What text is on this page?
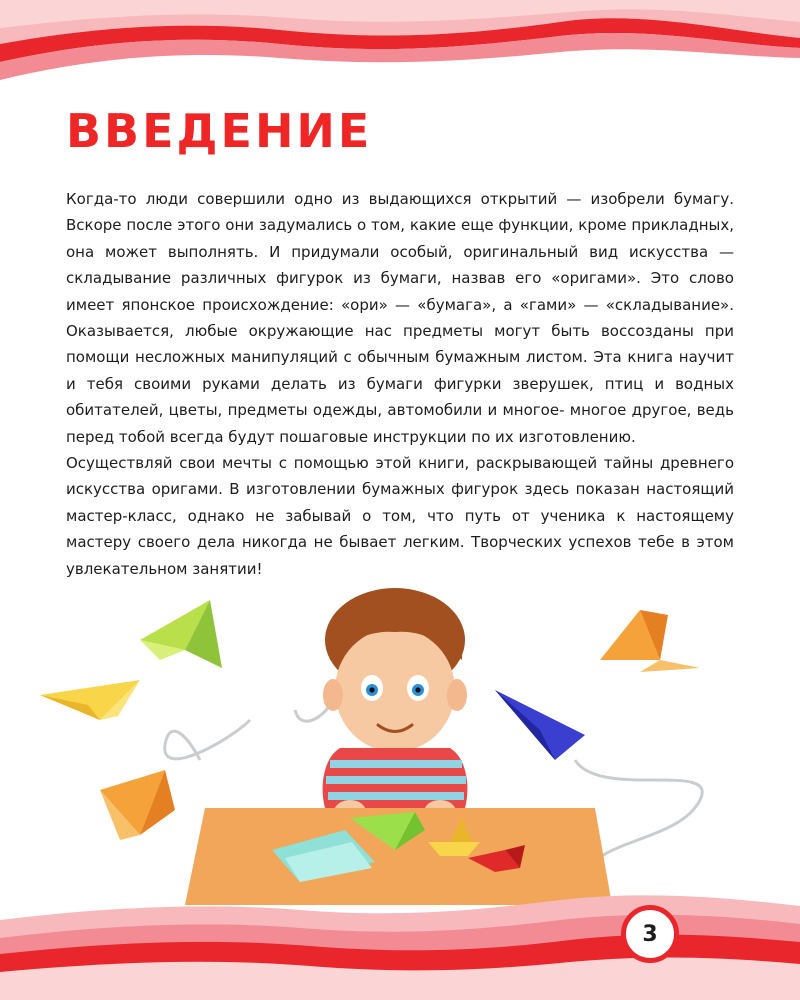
ВВЕДЕНИЕ

Когда-то люди совершили одно из выдающихся открытий — изобрели бумагу. Вскоре после этого они задумались о том, какие еще функции, кроме прикладных, она может выполнять. И придумали особый, оригинальный вид искусства — складывание различных фигурок из бумаги, назвав его «оригами». Это слово имеет японское происхождение: «ори» — «бумага», а «гами» — «складывание». Оказывается, любые окружающие нас предметы могут быть воссозданы при помощи несложных манипуляций с обычным бумажным листом. Эта книга научит и тебя своими руками делать из бумаги фигурки зверушек, птиц и водных обитателей, цветы, предметы одежды, автомобили и многое- многое другое, ведь перед тобой всегда будут пошаговые инструкции по их изготовлению.

Осуществляй свои мечты с помощью этой книги, раскрывающей тайны древнего искусства оригами. В изготовлении бумажных фигурок здесь показан настоящий мастер-класс, однако не забывай о том, что путь от ученика к настоящему мастеру своего дела никогда не бывает легким. Творческих успехов тебе в этом увлекательном занятии!

3
